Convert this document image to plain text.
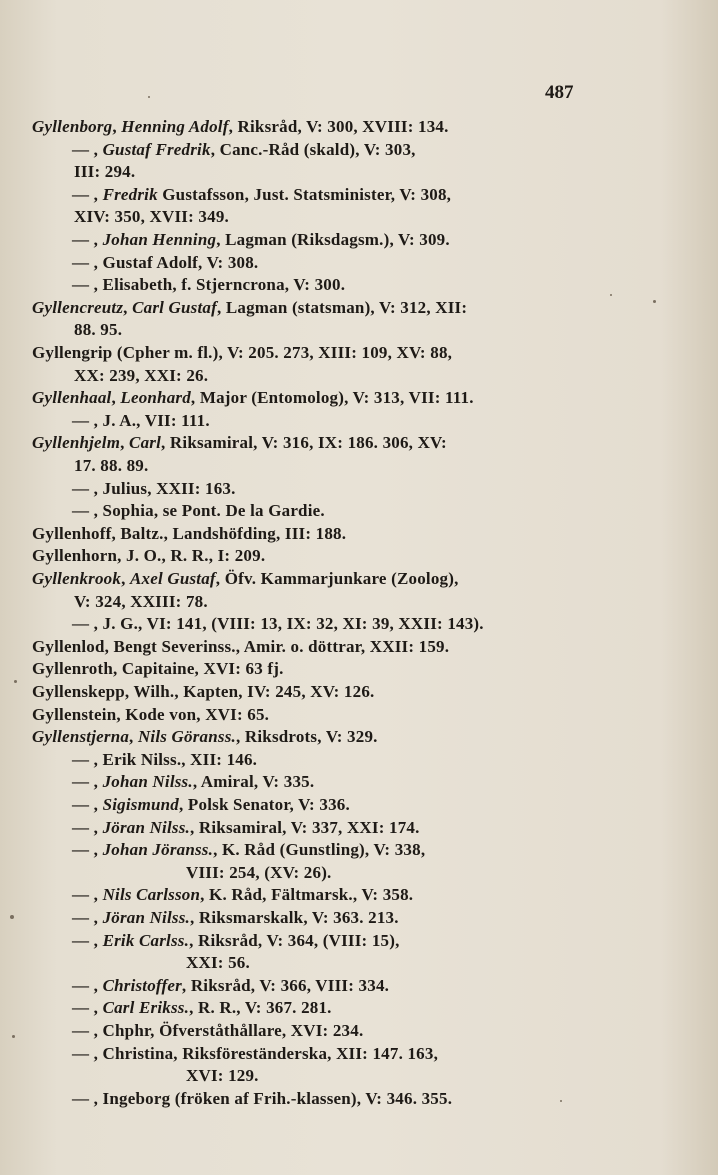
487
Gyllenborg, Henning Adolf, Riksråd, V: 300, XVIII: 134.
— , Gustaf Fredrik, Canc.-Råd (skald), V: 303,
III: 294.
— , Fredrik Gustafsson, Just. Statsminister, V: 308,
XIV: 350, XVII: 349.
— , Johan Henning, Lagman (Riksdagsm.), V: 309.
— , Gustaf Adolf, V: 308.
— , Elisabeth, f. Stjerncrona, V: 300.
Gyllencreutz, Carl Gustaf, Lagman (statsman), V: 312, XII:
88. 95.
Gyllengrip (Cpher m. fl.), V: 205. 273, XIII: 109, XV: 88,
XX: 239, XXI: 26.
Gyllenhaal, Leonhard, Major (Entomolog), V: 313, VII: 111.
— , J. A., VII: 111.
Gyllenhjelm, Carl, Riksamiral, V: 316, IX: 186. 306, XV:
17. 88. 89.
— , Julius, XXII: 163.
— , Sophia, se Pont. De la Gardie.
Gyllenhoff, Baltz., Landshöfding, III: 188.
Gyllenhorn, J. O., R. R., I: 209.
Gyllenkrook, Axel Gustaf, Öfv. Kammarjunkare (Zoolog),
V: 324, XXIII: 78.
— , J. G., VI: 141, (VIII: 13, IX: 32, XI: 39, XXII: 143).
Gyllenlod, Bengt Severinss., Amir. o. döttrar, XXII: 159.
Gyllenroth, Capitaine, XVI: 63 fj.
Gyllenskepp, Wilh., Kapten, IV: 245, XV: 126.
Gyllenstein, Kode von, XVI: 65.
Gyllenstjerna, Nils Göranss., Riksdrots, V: 329.
— , Erik Nilss., XII: 146.
— , Johan Nilss., Amiral, V: 335.
— , Sigismund, Polsk Senator, V: 336.
— , Jöran Nilss., Riksamiral, V: 337, XXI: 174.
— , Johan Jöranss., K. Råd (Gunstling), V: 338,
VIII: 254, (XV: 26).
— , Nils Carlsson, K. Råd, Fältmarsk., V: 358.
— , Jöran Nilss., Riksmarskalk, V: 363. 213.
— , Erik Carlss., Riksråd, V: 364, (VIII: 15),
XXI: 56.
— , Christoffer, Riksråd, V: 366, VIII: 334.
— , Carl Erikss., R. R., V: 367. 281.
— , Chphr, Öfverståthållare, XVI: 234.
— , Christina, Riksföreständerska, XII: 147. 163,
XVI: 129.
— , Ingeborg (fröken af Frih.-klassen), V: 346. 355.
